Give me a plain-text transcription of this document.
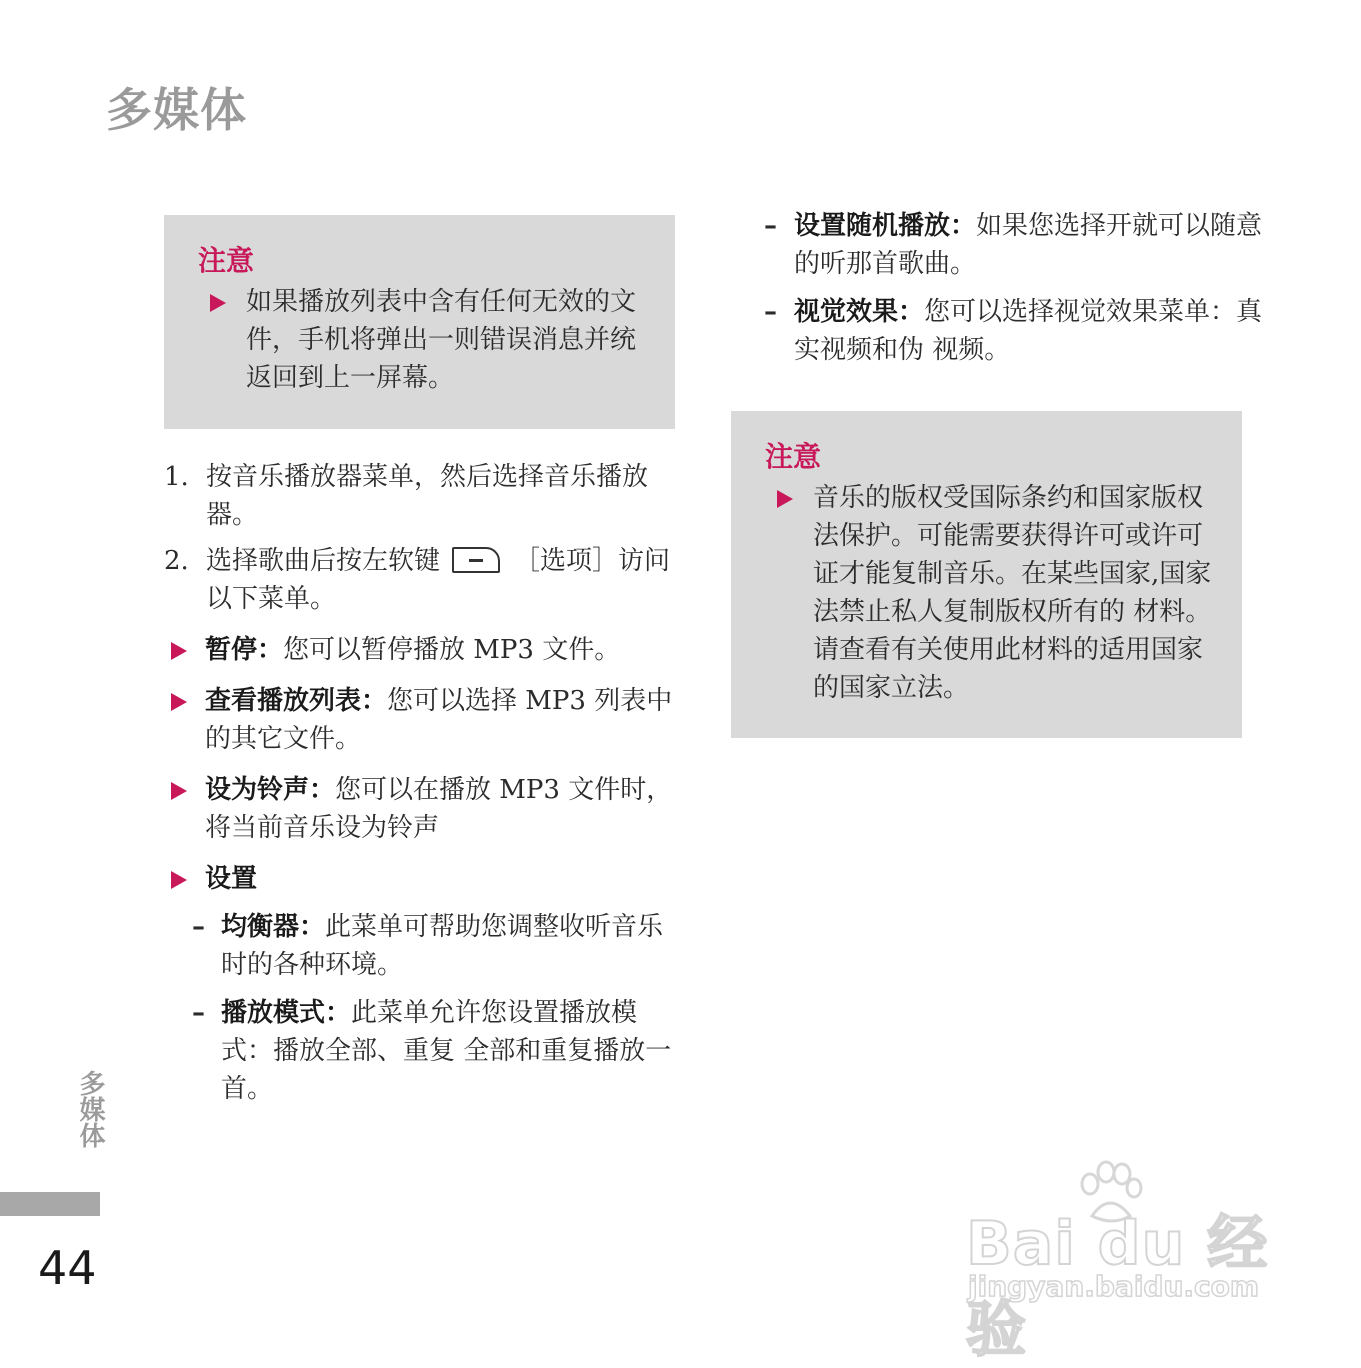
多媒体
注意
如果播放列表中含有任何无效的文件，手机将弹出一则错误消息并统 返回到上一屏幕。
1. 按音乐播放器菜单，然后选择音乐播放器。
2. 选择歌曲后按左软键	［选项］访问以下菜单。
暂停：您可以暂停播放 MP3 文件。
查看播放列表：您可以选择 MP3 列表中的其它文件。
设为铃声：您可以在播放 MP3 文件时，将当前音乐设为铃声
设置
– 均衡器：此菜单可帮助您调整收听音乐时的各种环境。
– 播放模式：此菜单允许您设置播放模式：播放全部、重复 全部和重复播放一首。
– 设置随机播放：如果您选择开就可以随意的听那首歌曲。
– 视觉效果：您可以选择视觉效果菜单：真实视频和伪 视频。
注意
音乐的版权受国际条约和国家版权法保护。可能需要获得许可或许可证才能复制音乐。在某些国家,国家法禁止私人复制版权所有的 材料。请查看有关使用此材料的适用国家的国家立法。
多媒体
44	Bai du 经验
jingyan.baidu.com
